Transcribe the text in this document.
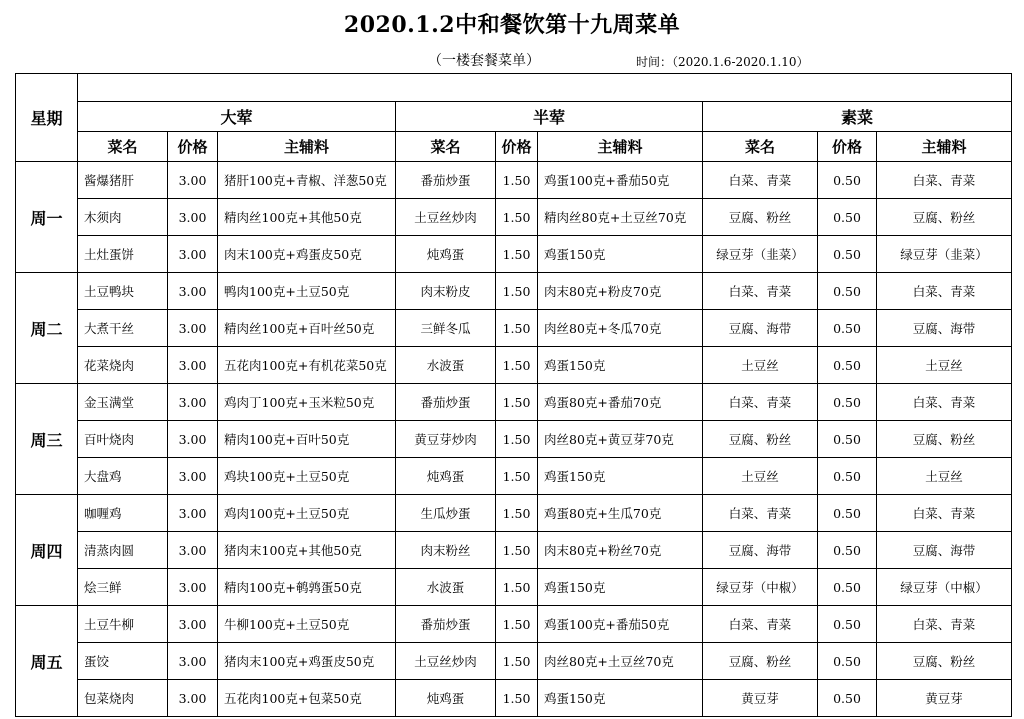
2020.1.2中和餐饮第十九周菜单
（一楼套餐菜单）	时间：（2020.1.6-2020.1.10）
星期									
	大荤			半荤			素菜		
	菜名	价格	主辅料	菜名	价格	主辅料	菜名	价格	主辅料
周一	酱爆猪肝	3.00	猪肝100克+青椒、洋葱50克	番茄炒蛋	1.50	鸡蛋100克+番茄50克	白菜、青菜	0.50	白菜、青菜
	木须肉	3.00	精肉丝100克+其他50克	土豆丝炒肉	1.50	精肉丝80克+土豆丝70克	豆腐、粉丝	0.50	豆腐、粉丝
	土灶蛋饼	3.00	肉末100克+鸡蛋皮50克	炖鸡蛋	1.50	鸡蛋150克	绿豆芽（韭菜）	0.50	绿豆芽（韭菜）
周二	土豆鸭块	3.00	鸭肉100克+土豆50克	肉末粉皮	1.50	肉末80克+粉皮70克	白菜、青菜	0.50	白菜、青菜
	大煮干丝	3.00	精肉丝100克+百叶丝50克	三鲜冬瓜	1.50	肉丝80克+冬瓜70克	豆腐、海带	0.50	豆腐、海带
	花菜烧肉	3.00	五花肉100克+有机花菜50克	水波蛋	1.50	鸡蛋150克	土豆丝	0.50	土豆丝
周三	金玉满堂	3.00	鸡肉丁100克+玉米粒50克	番茄炒蛋	1.50	鸡蛋80克+番茄70克	白菜、青菜	0.50	白菜、青菜
	百叶烧肉	3.00	精肉100克+百叶50克	黄豆芽炒肉	1.50	肉丝80克+黄豆芽70克	豆腐、粉丝	0.50	豆腐、粉丝
	大盘鸡	3.00	鸡块100克+土豆50克	炖鸡蛋	1.50	鸡蛋150克	土豆丝	0.50	土豆丝
周四	咖喱鸡	3.00	鸡肉100克+土豆50克	生瓜炒蛋	1.50	鸡蛋80克+生瓜70克	白菜、青菜	0.50	白菜、青菜
	清蒸肉圆	3.00	猪肉末100克+其他50克	肉末粉丝	1.50	肉末80克+粉丝70克	豆腐、海带	0.50	豆腐、海带
	烩三鲜	3.00	精肉100克+鹌鹑蛋50克	水波蛋	1.50	鸡蛋150克	绿豆芽（中椒）	0.50	绿豆芽（中椒）
周五	土豆牛柳	3.00	牛柳100克+土豆50克	番茄炒蛋	1.50	鸡蛋100克+番茄50克	白菜、青菜	0.50	白菜、青菜
	蛋饺	3.00	猪肉末100克+鸡蛋皮50克	土豆丝炒肉	1.50	肉丝80克+土豆丝70克	豆腐、粉丝	0.50	豆腐、粉丝
	包菜烧肉	3.00	五花肉100克+包菜50克	炖鸡蛋	1.50	鸡蛋150克	黄豆芽	0.50	黄豆芽
